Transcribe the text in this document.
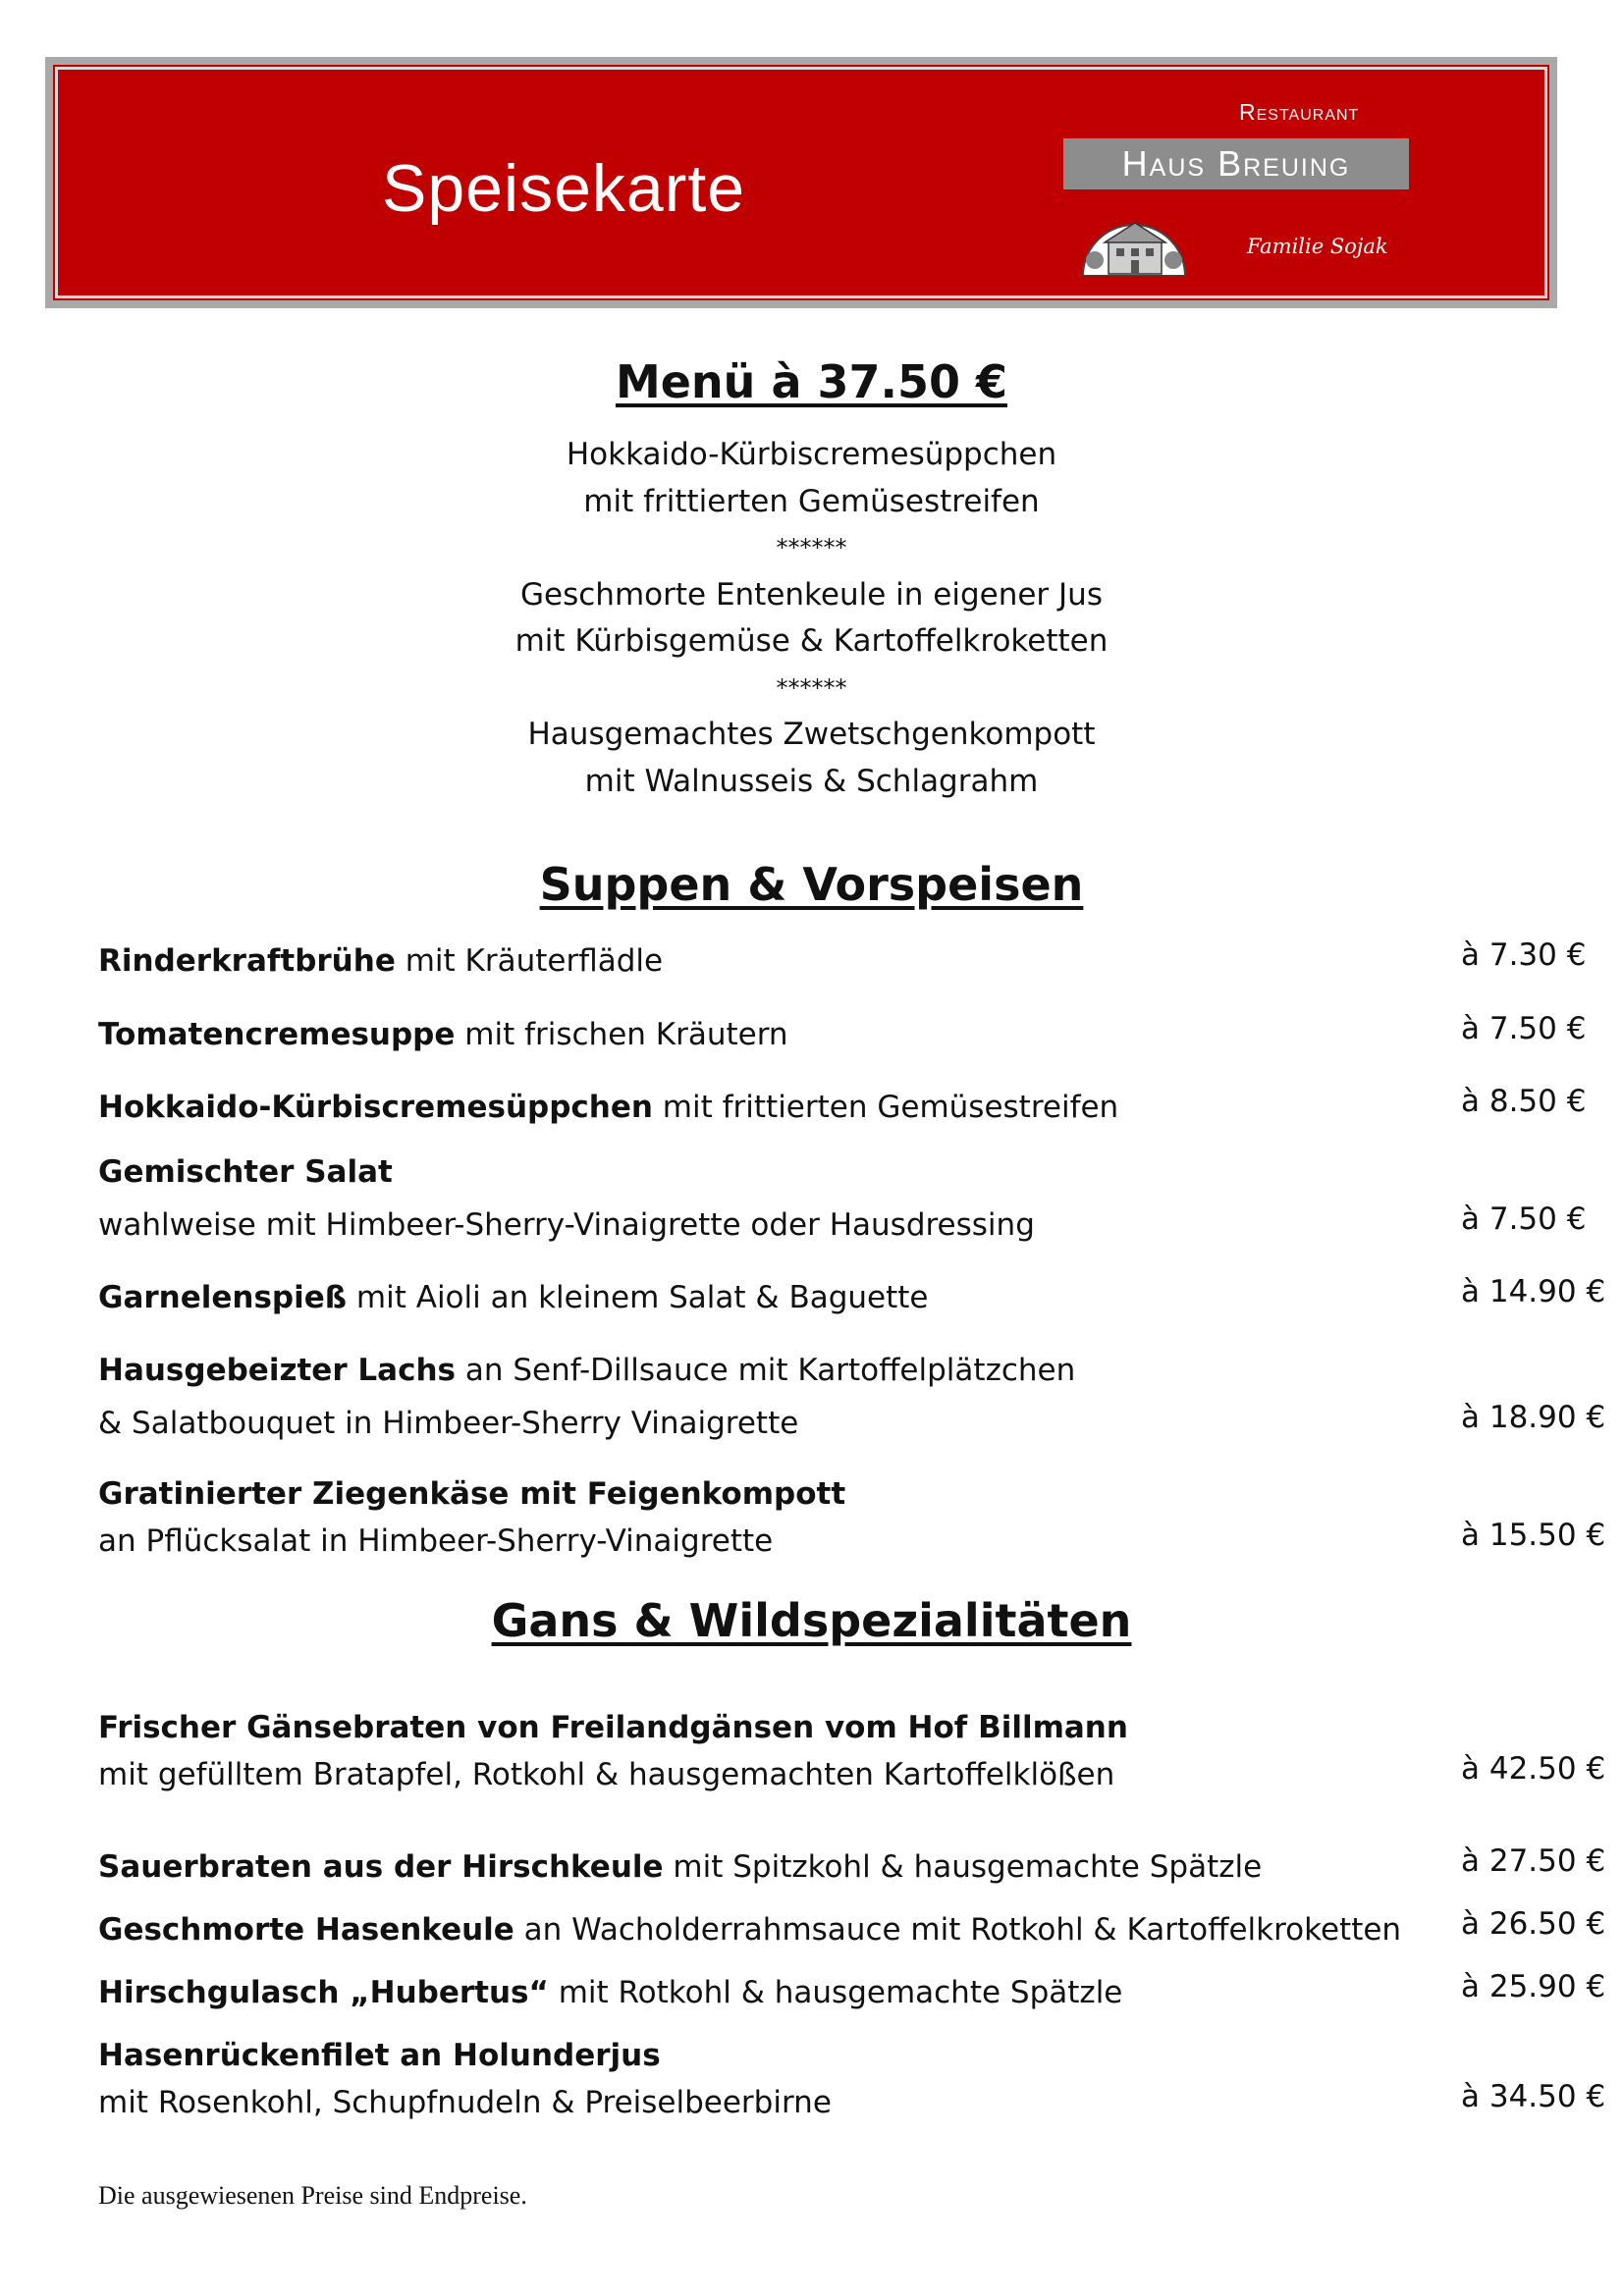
Speisekarte
Restaurant
Haus Breuing
Familie Sojak
Menü à 37.50 €
Hokkaido-Kürbiscremesüppchen
mit frittierten Gemüsestreifen
******
Geschmorte Entenkeule in eigener Jus
mit Kürbisgemüse & Kartoffelkroketten
******
Hausgemachtes Zwetschgenkompott
mit Walnusseis & Schlagrahm
Suppen & Vorspeisen
Rinderkraftbrühe mit Kräuterflädle	à 7.30 €
Tomatencremesuppe mit frischen Kräutern	à 7.50 €
Hokkaido-Kürbiscremesüppchen mit frittierten Gemüsestreifen	à 8.50 €
Gemischter Salat
wahlweise mit Himbeer-Sherry-Vinaigrette oder Hausdressing	à 7.50 €
Garnelenspieß mit Aioli an kleinem Salat & Baguette	à 14.90 €
Hausgebeizter Lachs an Senf-Dillsauce mit Kartoffelplätzchen
& Salatbouquet in Himbeer-Sherry Vinaigrette	à 18.90 €
Gratinierter Ziegenkäse mit Feigenkompott
an Pflücksalat in Himbeer-Sherry-Vinaigrette	à 15.50 €
Gans & Wildspezialitäten
Frischer Gänsebraten von Freilandgänsen vom Hof Billmann
mit gefülltem Bratapfel, Rotkohl & hausgemachten Kartoffelklößen	à 42.50 €
Sauerbraten aus der Hirschkeule mit Spitzkohl & hausgemachte Spätzle	à 27.50 €
Geschmorte Hasenkeule an Wacholderrahmsauce mit Rotkohl & Kartoffelkroketten	à 26.50 €
Hirschgulasch „Hubertus“ mit Rotkohl & hausgemachte Spätzle	à 25.90 €
Hasenrückenfilet an Holunderjus
mit Rosenkohl, Schupfnudeln & Preiselbeerbirne	à 34.50 €
Die ausgewiesenen Preise sind Endpreise.
